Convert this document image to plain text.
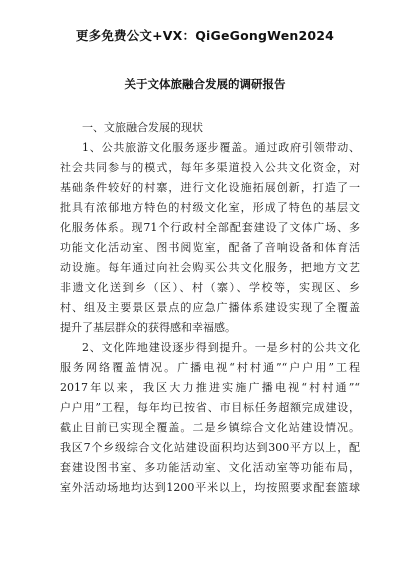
更多免费公文+VX：QiGeGongWen2024
关于文体旅融合发展的调研报告
一、文旅融合发展的现状
1、公共旅游文化服务逐步覆盖。通过政府引领带动、
社会共同参与的模式，每年多渠道投入公共文化资金，对
基础条件较好的村寨，进行文化设施拓展创新，打造了一
批具有浓郁地方特色的村级文化室，形成了特色的基层文
化服务体系。现71个行政村全部配套建设了文体广场、多
功能文化活动室、图书阅览室，配备了音响设备和体育活
动设施。每年通过向社会购买公共文化服务，把地方文艺
非遗文化送到乡（区）、村（寨）、学校等，实现区、乡
村、组及主要景区景点的应急广播体系建设实现了全覆盖
提升了基层群众的获得感和幸福感。
2、文化阵地建设逐步得到提升。一是乡村的公共文化
服务网络覆盖情况。广播电视“村村通”“户户用”工程
2017年以来，我区大力推进实施广播电视“村村通”“
户户用”工程，每年均已按省、市目标任务超额完成建设，
截止目前已实现全覆盖。二是乡镇综合文化站建设情况。
我区7个乡级综合文化站建设面积均达到300平方以上，配
套建设图书室、多功能活动室、文化活动室等功能布局，
室外活动场地均达到1200平米以上，均按照要求配套篮球
